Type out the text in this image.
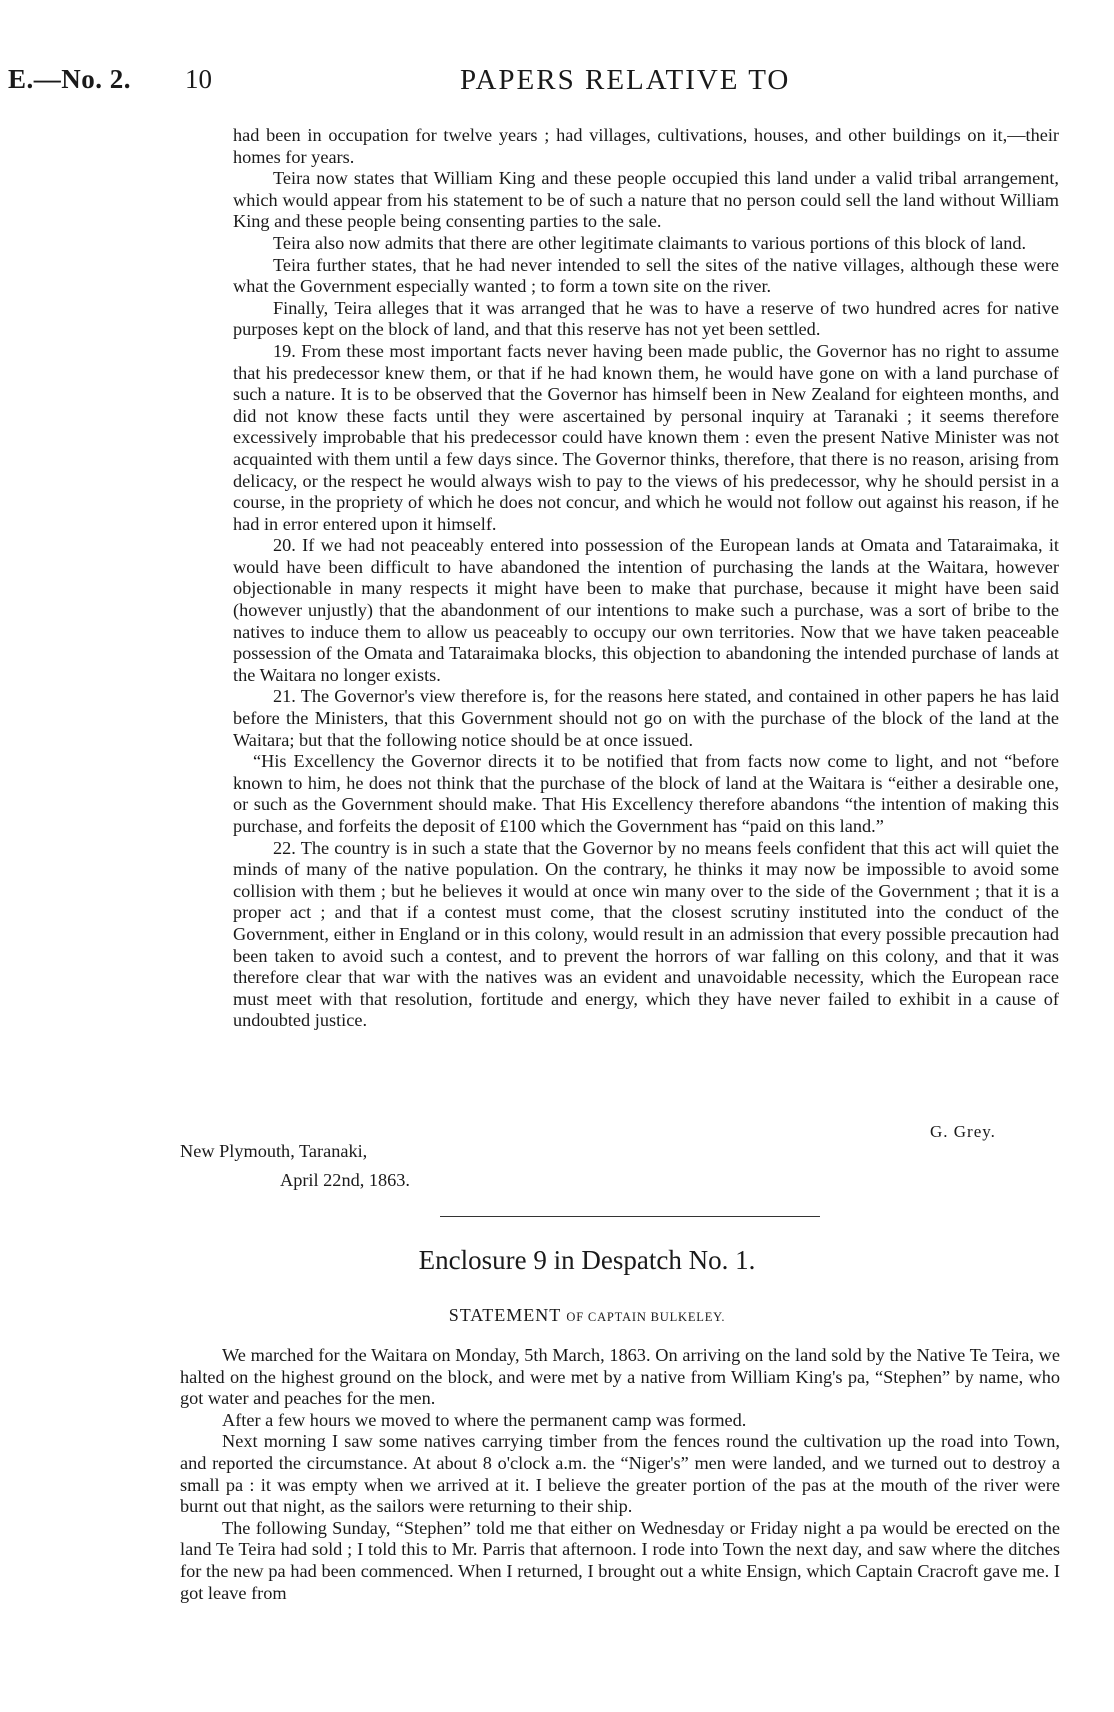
E.—No. 2. 10	PAPERS RELATIVE TO

had been in occupation for twelve years ; had villages, cultivations, houses, and other buildings on it,—their homes for years.

Teira now states that William King and these people occupied this land under a valid tribal arrangement, which would appear from his statement to be of such a nature that no person could sell the land without William King and these people being consenting parties to the sale.

Teira also now admits that there are other legitimate claimants to various portions of this block of land.

Teira further states, that he had never intended to sell the sites of the native villages, although these were what the Government especially wanted ; to form a town site on the river.

Finally, Teira alleges that it was arranged that he was to have a reserve of two hundred acres for native purposes kept on the block of land, and that this reserve has not yet been settled.

19. From these most important facts never having been made public, the Governor has no right to assume that his predecessor knew them, or that if he had known them, he would have gone on with a land purchase of such a nature. It is to be observed that the Governor has himself been in New Zealand for eighteen months, and did not know these facts until they were ascertained by personal inquiry at Taranaki ; it seems therefore excessively improbable that his predecessor could have known them : even the present Native Minister was not acquainted with them until a few days since. The Governor thinks, therefore, that there is no reason, arising from delicacy, or the respect he would always wish to pay to the views of his predecessor, why he should persist in a course, in the propriety of which he does not concur, and which he would not follow out against his reason, if he had in error entered upon it himself.

20. If we had not peaceably entered into possession of the European lands at Omata and Tataraimaka, it would have been difficult to have abandoned the intention of purchasing the lands at the Waitara, however objectionable in many respects it might have been to make that purchase, because it might have been said (however unjustly) that the abandonment of our intentions to make such a purchase, was a sort of bribe to the natives to induce them to allow us peaceably to occupy our own territories. Now that we have taken peaceable possession of the Omata and Tataraimaka blocks, this objection to abandoning the intended purchase of lands at the Waitara no longer exists.

21. The Governor's view therefore is, for the reasons here stated, and contained in other papers he has laid before the Ministers, that this Government should not go on with the purchase of the block of the land at the Waitara; but that the following notice should be at once issued.

“His Excellency the Governor directs it to be notified that from facts now come to light, and not “before known to him, he does not think that the purchase of the block of land at the Waitara is “either a desirable one, or such as the Government should make. That His Excellency therefore abandons “the intention of making this purchase, and forfeits the deposit of £100 which the Government has “paid on this land.”

22. The country is in such a state that the Governor by no means feels confident that this act will quiet the minds of many of the native population. On the contrary, he thinks it may now be impossible to avoid some collision with them ; but he believes it would at once win many over to the side of the Government ; that it is a proper act ; and that if a contest must come, that the closest scrutiny instituted into the conduct of the Government, either in England or in this colony, would result in an admission that every possible precaution had been taken to avoid such a contest, and to prevent the horrors of war falling on this colony, and that it was therefore clear that war with the natives was an evident and unavoidable necessity, which the European race must meet with that resolution, fortitude and energy, which they have never failed to exhibit in a cause of undoubted justice.

G. Grey.
New Plymouth, Taranaki,
April 22nd, 1863.
Enclosure 9 in Despatch No. 1.
STATEMENT OF CAPTAIN BULKELEY.

We marched for the Waitara on Monday, 5th March, 1863. On arriving on the land sold by the Native Te Teira, we halted on the highest ground on the block, and were met by a native from William King's pa, “Stephen” by name, who got water and peaches for the men.

After a few hours we moved to where the permanent camp was formed.

Next morning I saw some natives carrying timber from the fences round the cultivation up the road into Town, and reported the circumstance. At about 8 o'clock a.m. the “Niger's” men were landed, and we turned out to destroy a small pa : it was empty when we arrived at it. I believe the greater portion of the pas at the mouth of the river were burnt out that night, as the sailors were returning to their ship.

The following Sunday, “Stephen” told me that either on Wednesday or Friday night a pa would be erected on the land Te Teira had sold ; I told this to Mr. Parris that afternoon. I rode into Town the next day, and saw where the ditches for the new pa had been commenced. When I returned, I brought out a white Ensign, which Captain Cracroft gave me. I got leave from
